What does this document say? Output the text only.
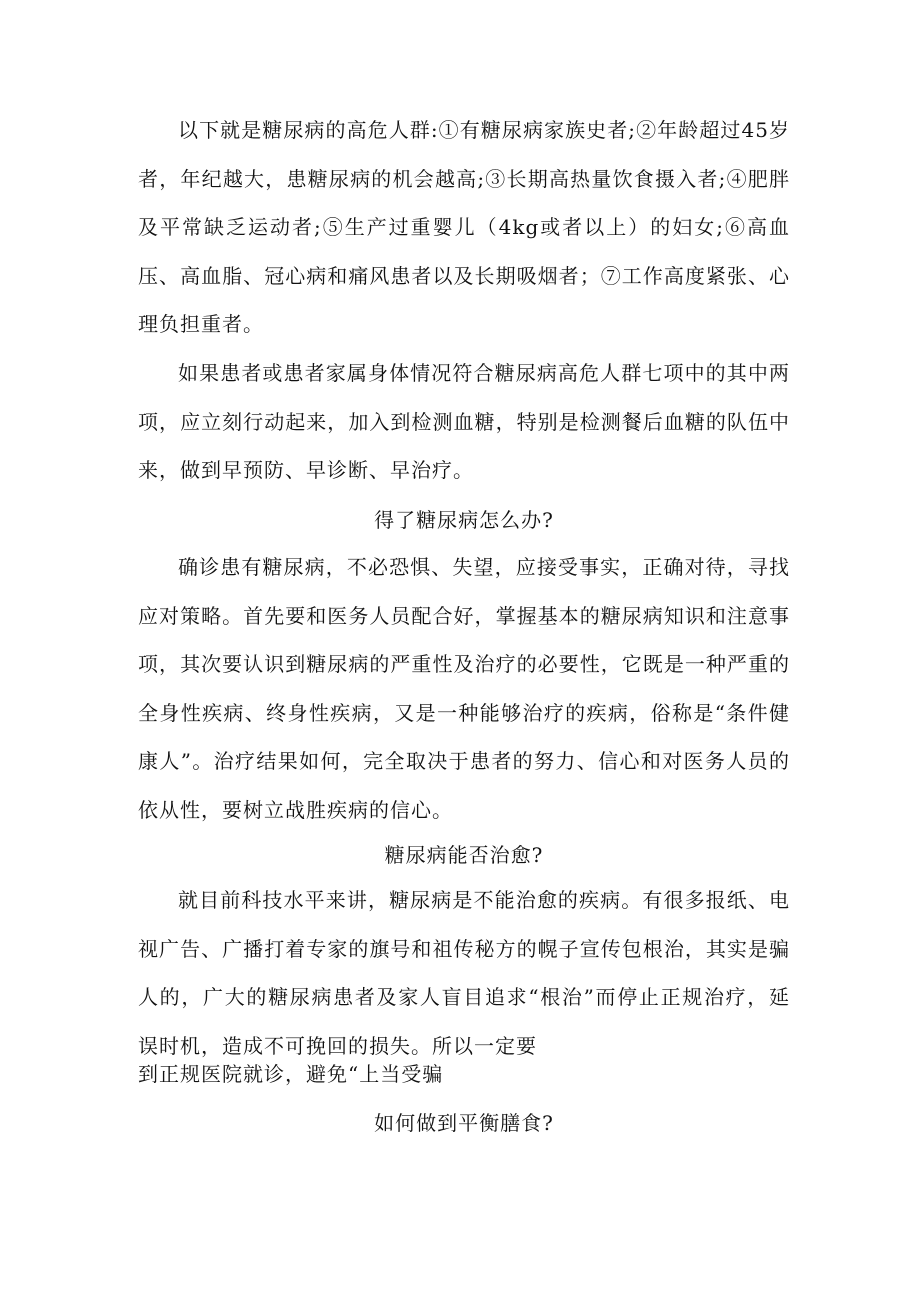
以下就是糖尿病的高危人群:①有糖尿病家族史者;②年龄超过45岁者，年纪越大，患糖尿病的机会越高;③长期高热量饮食摄入者;④肥胖及平常缺乏运动者;⑤生产过重婴儿（4kg或者以上）的妇女;⑥高血压、高血脂、冠心病和痛风患者以及长期吸烟者；⑦工作高度紧张、心理负担重者。

如果患者或患者家属身体情况符合糖尿病高危人群七项中的其中两项，应立刻行动起来，加入到检测血糖，特别是检测餐后血糖的队伍中来，做到早预防、早诊断、早治疗。

得了糖尿病怎么办?

确诊患有糖尿病，不必恐惧、失望，应接受事实，正确对待，寻找应对策略。首先要和医务人员配合好，掌握基本的糖尿病知识和注意事项，其次要认识到糖尿病的严重性及治疗的必要性，它既是一种严重的全身性疾病、终身性疾病，又是一种能够治疗的疾病，俗称是“条件健康人”。治疗结果如何，完全取决于患者的努力、信心和对医务人员的依从性，要树立战胜疾病的信心。

糖尿病能否治愈?

就目前科技水平来讲，糖尿病是不能治愈的疾病。有很多报纸、电视广告、广播打着专家的旗号和祖传秘方的幌子宣传包根治，其实是骗人的，广大的糖尿病患者及家人盲目追求“根治”而停止正规治疗，延误时机，造成不可挽回的损失。所以一定要

到正规医院就诊，避免“上当受骗

如何做到平衡膳食?
